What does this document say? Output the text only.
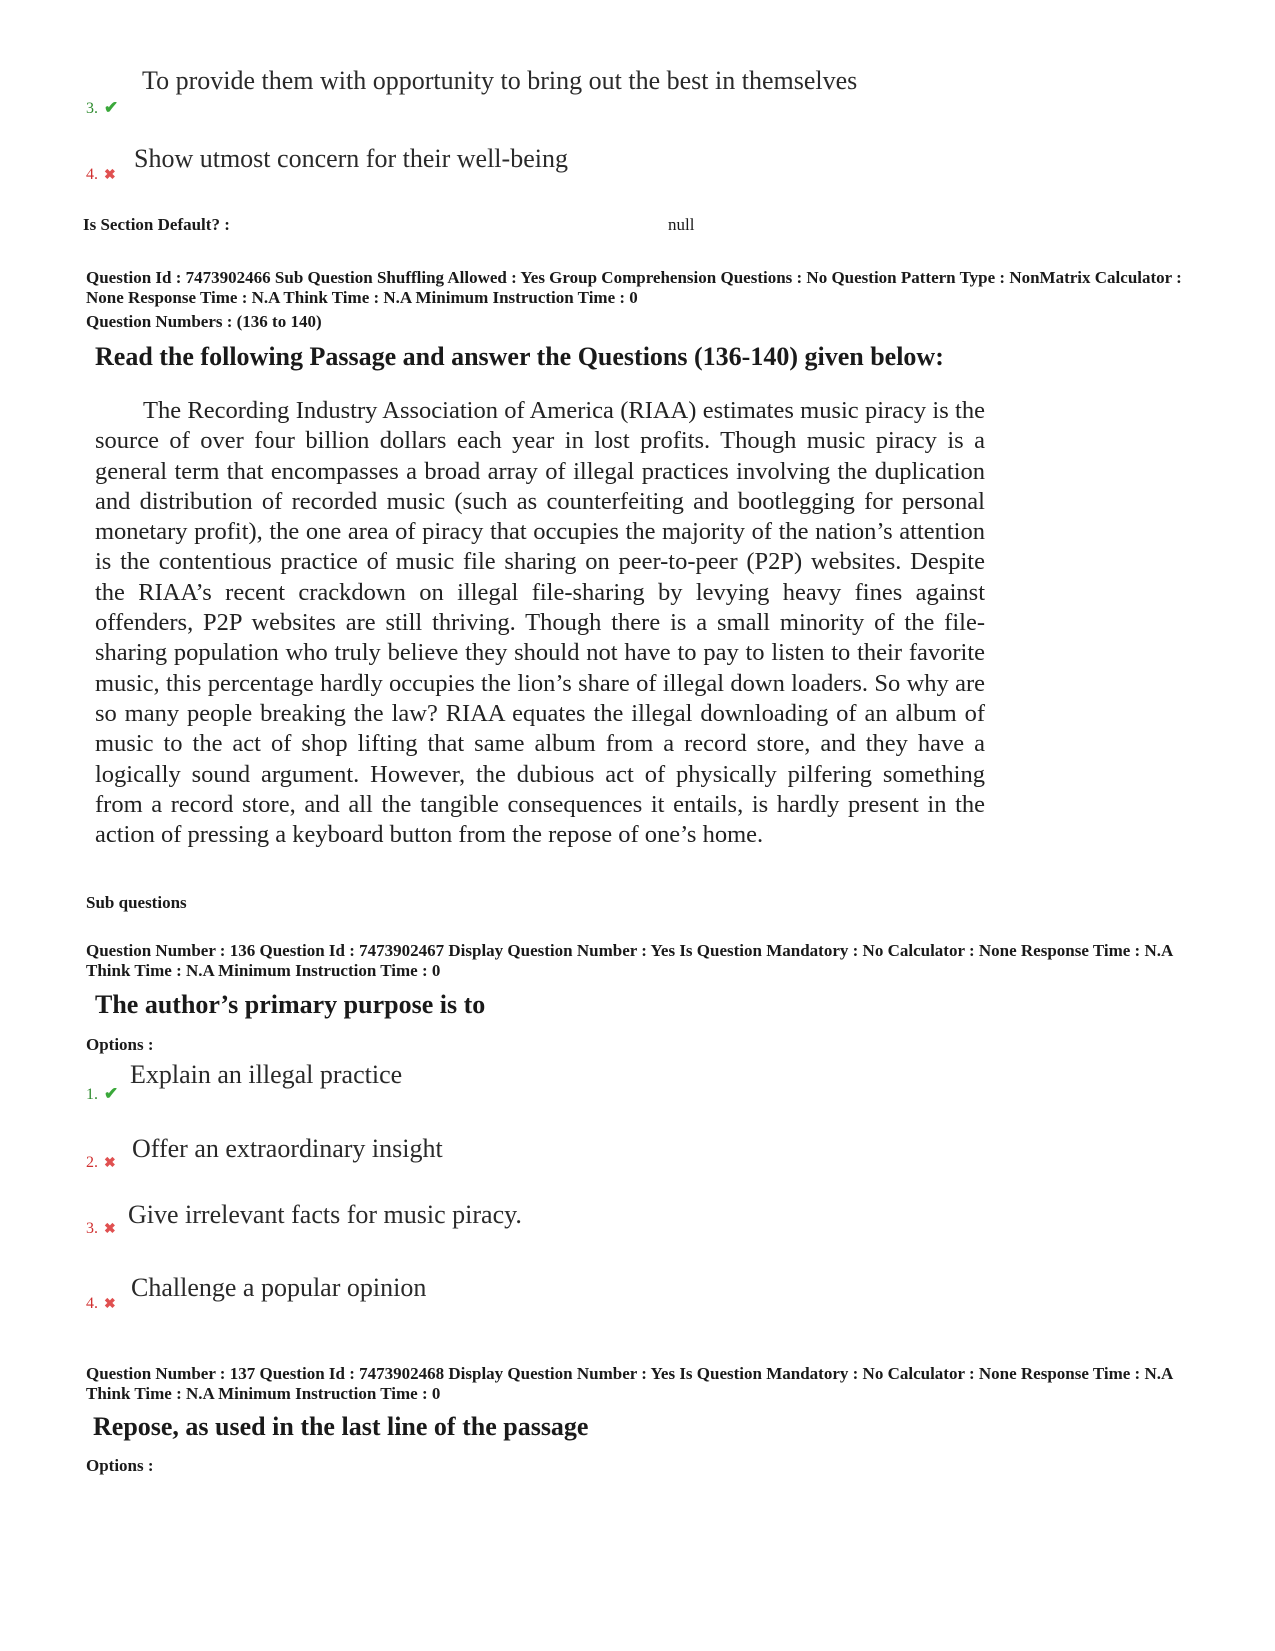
To provide them with opportunity to bring out the best in themselves
3. ✔
Show utmost concern for their well-being
4. ✖
Is Section Default? :	null
Question Id : 7473902466 Sub Question Shuffling Allowed : Yes Group Comprehension Questions : No Question Pattern Type : NonMatrix Calculator : None Response Time : N.A Think Time : N.A Minimum Instruction Time : 0
Question Numbers : (136 to 140)
Read the following Passage and answer the Questions (136-140) given below:
The Recording Industry Association of America (RIAA) estimates music piracy is the source of over four billion dollars each year in lost profits. Though music piracy is a general term that encompasses a broad array of illegal practices involving the duplication and distribution of recorded music (such as counterfeiting and bootlegging for personal monetary profit), the one area of piracy that occupies the majority of the nation’s attention is the contentious practice of music file sharing on peer-to-peer (P2P) websites. Despite the RIAA’s recent crackdown on illegal file-sharing by levying heavy fines against offenders, P2P websites are still thriving. Though there is a small minority of the file-sharing population who truly believe they should not have to pay to listen to their favorite music, this percentage hardly occupies the lion’s share of illegal down loaders. So why are so many people breaking the law? RIAA equates the illegal downloading of an album of music to the act of shop lifting that same album from a record store, and they have a logically sound argument. However, the dubious act of physically pilfering something from a record store, and all the tangible consequences it entails, is hardly present in the action of pressing a keyboard button from the repose of one’s home.
Sub questions
Question Number : 136 Question Id : 7473902467 Display Question Number : Yes Is Question Mandatory : No Calculator : None Response Time : N.A Think Time : N.A Minimum Instruction Time : 0
The author’s primary purpose is to
Options :
Explain an illegal practice
1. ✔
Offer an extraordinary insight
2. ✖
Give irrelevant facts for music piracy.
3. ✖
Challenge a popular opinion
4. ✖
Question Number : 137 Question Id : 7473902468 Display Question Number : Yes Is Question Mandatory : No Calculator : None Response Time : N.A Think Time : N.A Minimum Instruction Time : 0
Repose, as used in the last line of the passage
Options :
